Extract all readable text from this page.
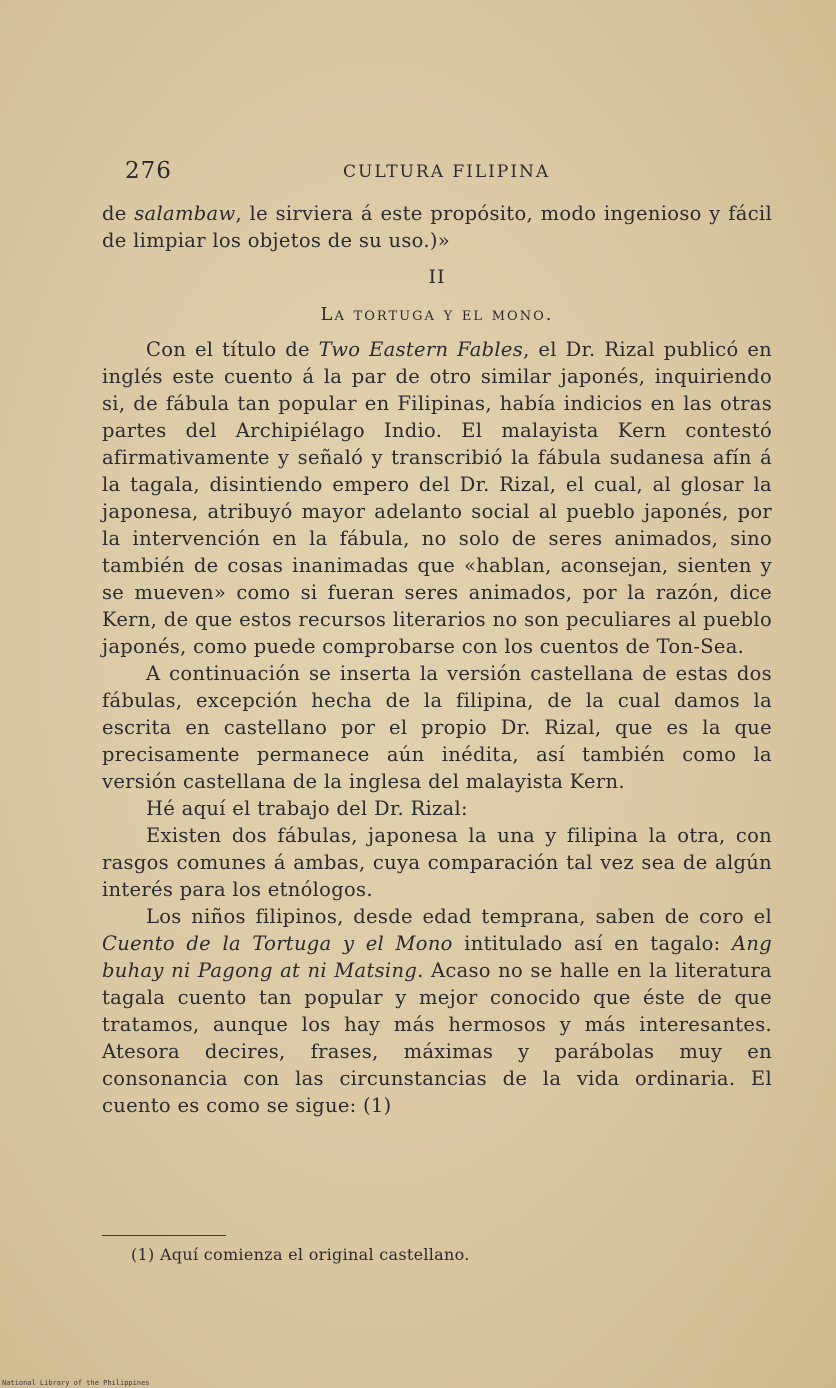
276	CULTURA FILIPINA

de salambaw, le sirviera á este propósito, modo ingenioso y fácil de limpiar los objetos de su uso.)»

II

La tortuga y el mono.

Con el título de Two Eastern Fables, el Dr. Rizal publicó en inglés este cuento á la par de otro similar japonés, inquiriendo si, de fábula tan popular en Filipinas, había indicios en las otras partes del Archipiélago Indio. El malayista Kern contestó afirmativamente y señaló y transcribió la fábula sudanesa afín á la tagala, disintiendo empero del Dr. Rizal, el cual, al glosar la japonesa, atribuyó mayor adelanto social al pueblo japonés, por la intervención en la fábula, no solo de seres animados, sino también de cosas inanimadas que «hablan, aconsejan, sienten y se mueven» como si fueran seres animados, por la razón, dice Kern, de que estos recursos literarios no son peculiares al pueblo japonés, como puede comprobarse con los cuentos de Ton-Sea.

A continuación se inserta la versión castellana de estas dos fábulas, excepción hecha de la filipina, de la cual damos la escrita en castellano por el propio Dr. Rizal, que es la que precisamente permanece aún inédita, así también como la versión castellana de la inglesa del malayista Kern.

Hé aquí el trabajo del Dr. Rizal:

Existen dos fábulas, japonesa la una y filipina la otra, con rasgos comunes á ambas, cuya comparación tal vez sea de algún interés para los etnólogos.

Los niños filipinos, desde edad temprana, saben de coro el Cuento de la Tortuga y el Mono intitulado así en tagalo: Ang buhay ni Pagong at ni Matsing. Acaso no se halle en la literatura tagala cuento tan popular y mejor conocido que éste de que tratamos, aunque los hay más hermosos y más interesantes. Atesora decires, frases, máximas y parábolas muy en consonancia con las circunstancias de la vida ordinaria. El cuento es como se sigue: (1)

(1) Aquí comienza el original castellano.
National Library of the Philippines
